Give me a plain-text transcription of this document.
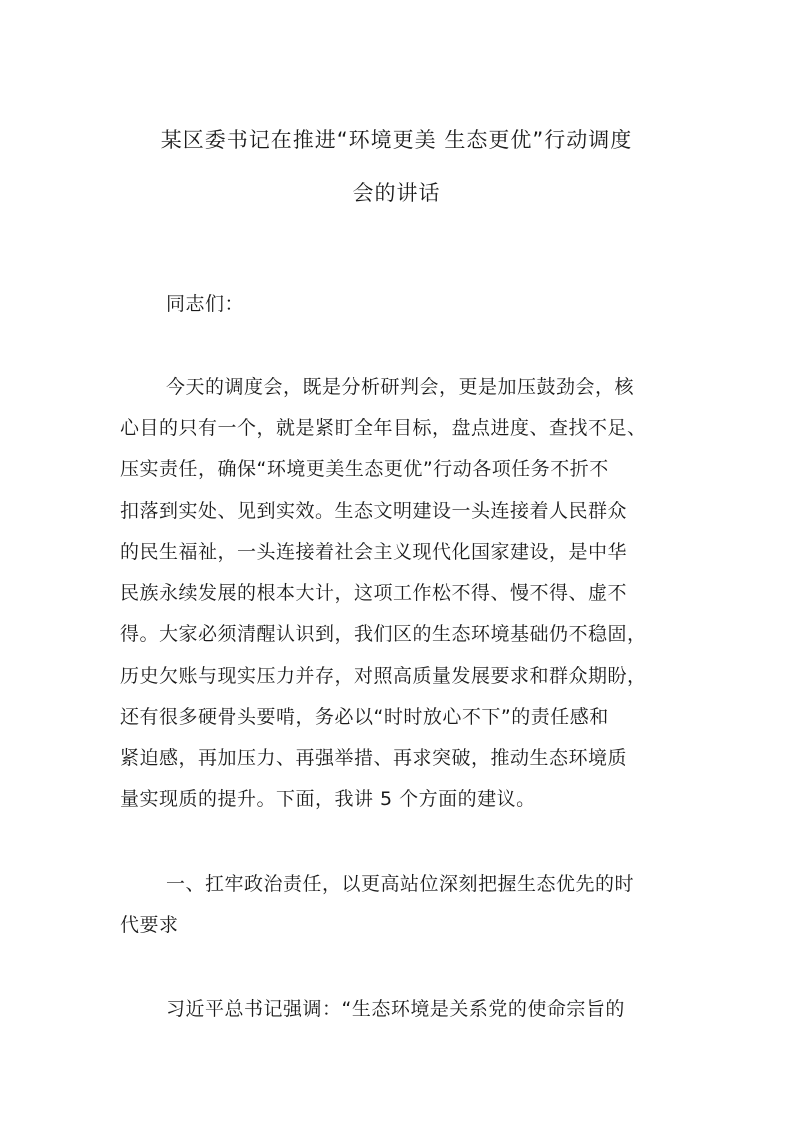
某区委书记在推进“环境更美 生态更优”行动调度
会的讲话
同志们：
今天的调度会，既是分析研判会，更是加压鼓劲会，核
心目的只有一个，就是紧盯全年目标，盘点进度、查找不足、
压实责任，确保“环境更美生态更优”行动各项任务不折不
扣落到实处、见到实效。生态文明建设一头连接着人民群众
的民生福祉，一头连接着社会主义现代化国家建设，是中华
民族永续发展的根本大计，这项工作松不得、慢不得、虚不
得。大家必须清醒认识到，我们区的生态环境基础仍不稳固，
历史欠账与现实压力并存，对照高质量发展要求和群众期盼，
还有很多硬骨头要啃，务必以“时时放心不下”的责任感和
紧迫感，再加压力、再强举措、再求突破，推动生态环境质
量实现质的提升。下面，我讲 5 个方面的建议。
一、扛牢政治责任，以更高站位深刻把握生态优先的时
代要求
习近平总书记强调：“生态环境是关系党的使命宗旨的
